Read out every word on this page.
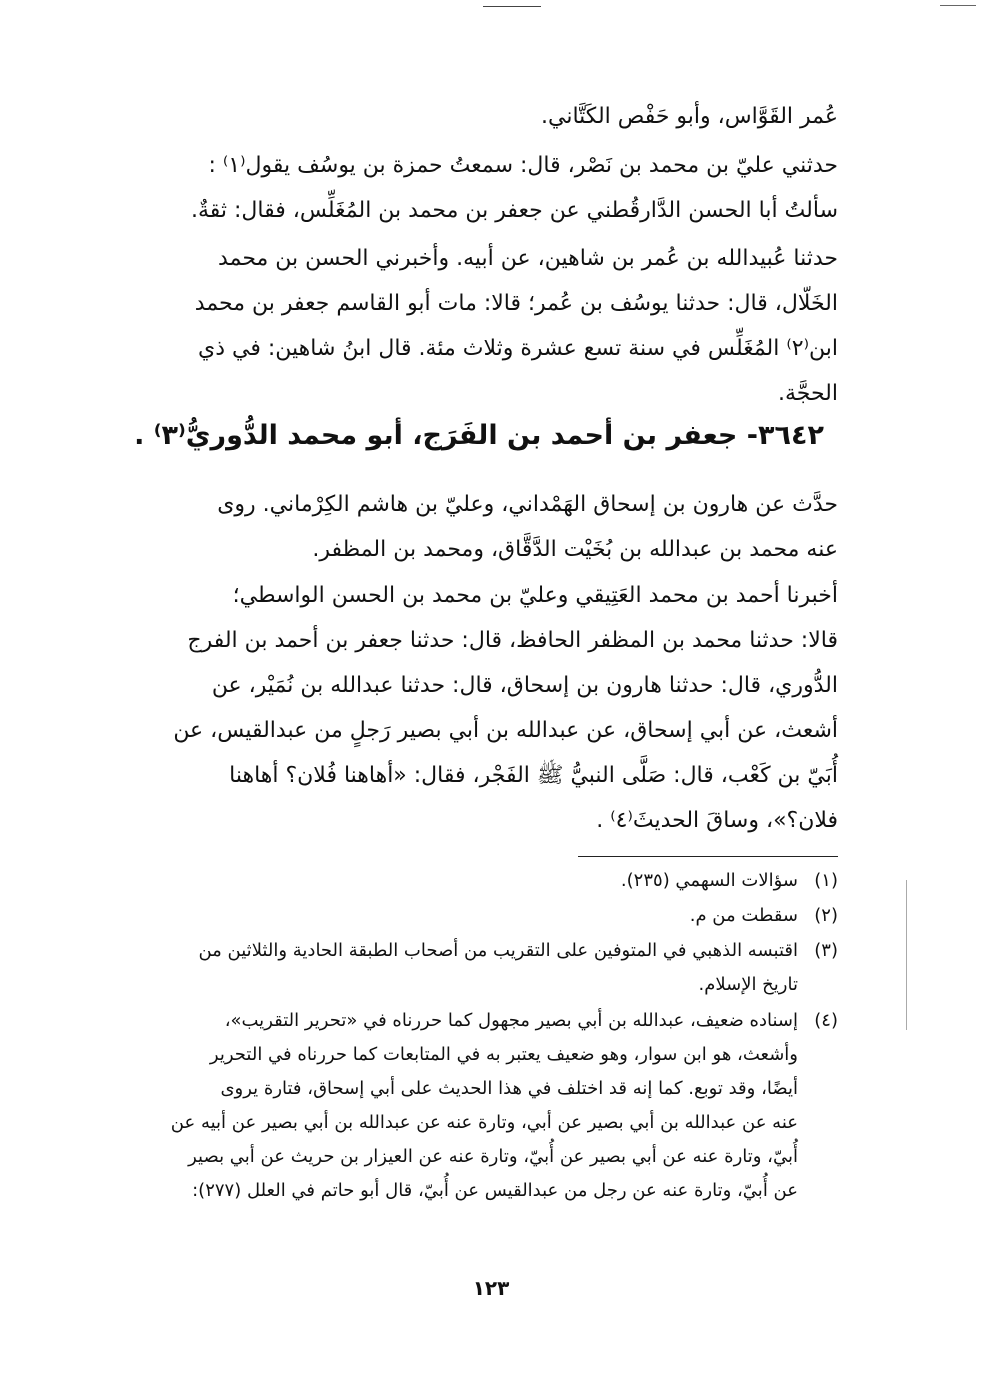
عُمر القَوَّاس، وأبو حَفْص الكَتَّاني.
حدثني عليّ بن محمد بن نَصْر، قال: سمعتُ حمزة بن يوسُف يقول⁽١⁾ :
سألتُ أبا الحسن الدَّارقُطني عن جعفر بن محمد بن المُغَلِّس، فقال: ثقةٌ.
حدثنا عُبيدالله بن عُمر بن شاهين، عن أبيه. وأخبرني الحسن بن محمد
الخَلّال، قال: حدثنا يوسُف بن عُمر؛ قالا: مات أبو القاسم جعفر بن محمد
ابن⁽٢⁾ المُغَلِّس في سنة تسع عشرة وثلاث مئة. قال ابنُ شاهين: في ذي
الحجَّة.
٣٦٤٢- جعفر بن أحمد بن الفَرَج، أبو محمد الدُّوريُّ⁽٣⁾ .
حدَّث عن هارون بن إسحاق الهَمْداني، وعليّ بن هاشم الكِرْماني. روى
عنه محمد بن عبدالله بن بُخَيْت الدَّقَّاق، ومحمد بن المظفر.
أخبرنا أحمد بن محمد العَتِيقي وعليّ بن محمد بن الحسن الواسطي؛
قالا: حدثنا محمد بن المظفر الحافظ، قال: حدثنا جعفر بن أحمد بن الفرج
الدُّوري، قال: حدثنا هارون بن إسحاق، قال: حدثنا عبدالله بن نُمَيْر، عن
أشعث، عن أبي إسحاق، عن عبدالله بن أبي بصير رَجلٍ من عبدالقيس، عن
أُبَيّ بن كَعْب، قال: صَلَّى النبيُّ ﷺ الفَجْر، فقال: «أهاهنا فُلان؟ أهاهنا
فلان؟»، وساقَ الحديثَ⁽٤⁾ .
(١)
سؤالات السهمي (٢٣٥).
(٢)
سقطت من م.
(٣)
اقتبسه الذهبي في المتوفين على التقريب من أصحاب الطبقة الحادية والثلاثين من
تاريخ الإسلام.
(٤)
إسناده ضعيف، عبدالله بن أبي بصير مجهول كما حررناه في «تحرير التقريب»،
وأشعث، هو ابن سوار، وهو ضعيف يعتبر به في المتابعات كما حررناه في التحرير
أيضًا، وقد توبع. كما إنه قد اختلف في هذا الحديث على أبي إسحاق، فتارة يروى
عنه عن عبدالله بن أبي بصير عن أبي، وتارة عنه عن عبدالله بن أبي بصير عن أبيه عن
أُبيّ، وتارة عنه عن أبي بصير عن أُبيّ، وتارة عنه عن العيزار بن حريث عن أبي بصير
عن أُبيّ، وتارة عنه عن رجل من عبدالقيس عن أُبيّ، قال أبو حاتم في العلل (٢٧٧):
١٢٣
